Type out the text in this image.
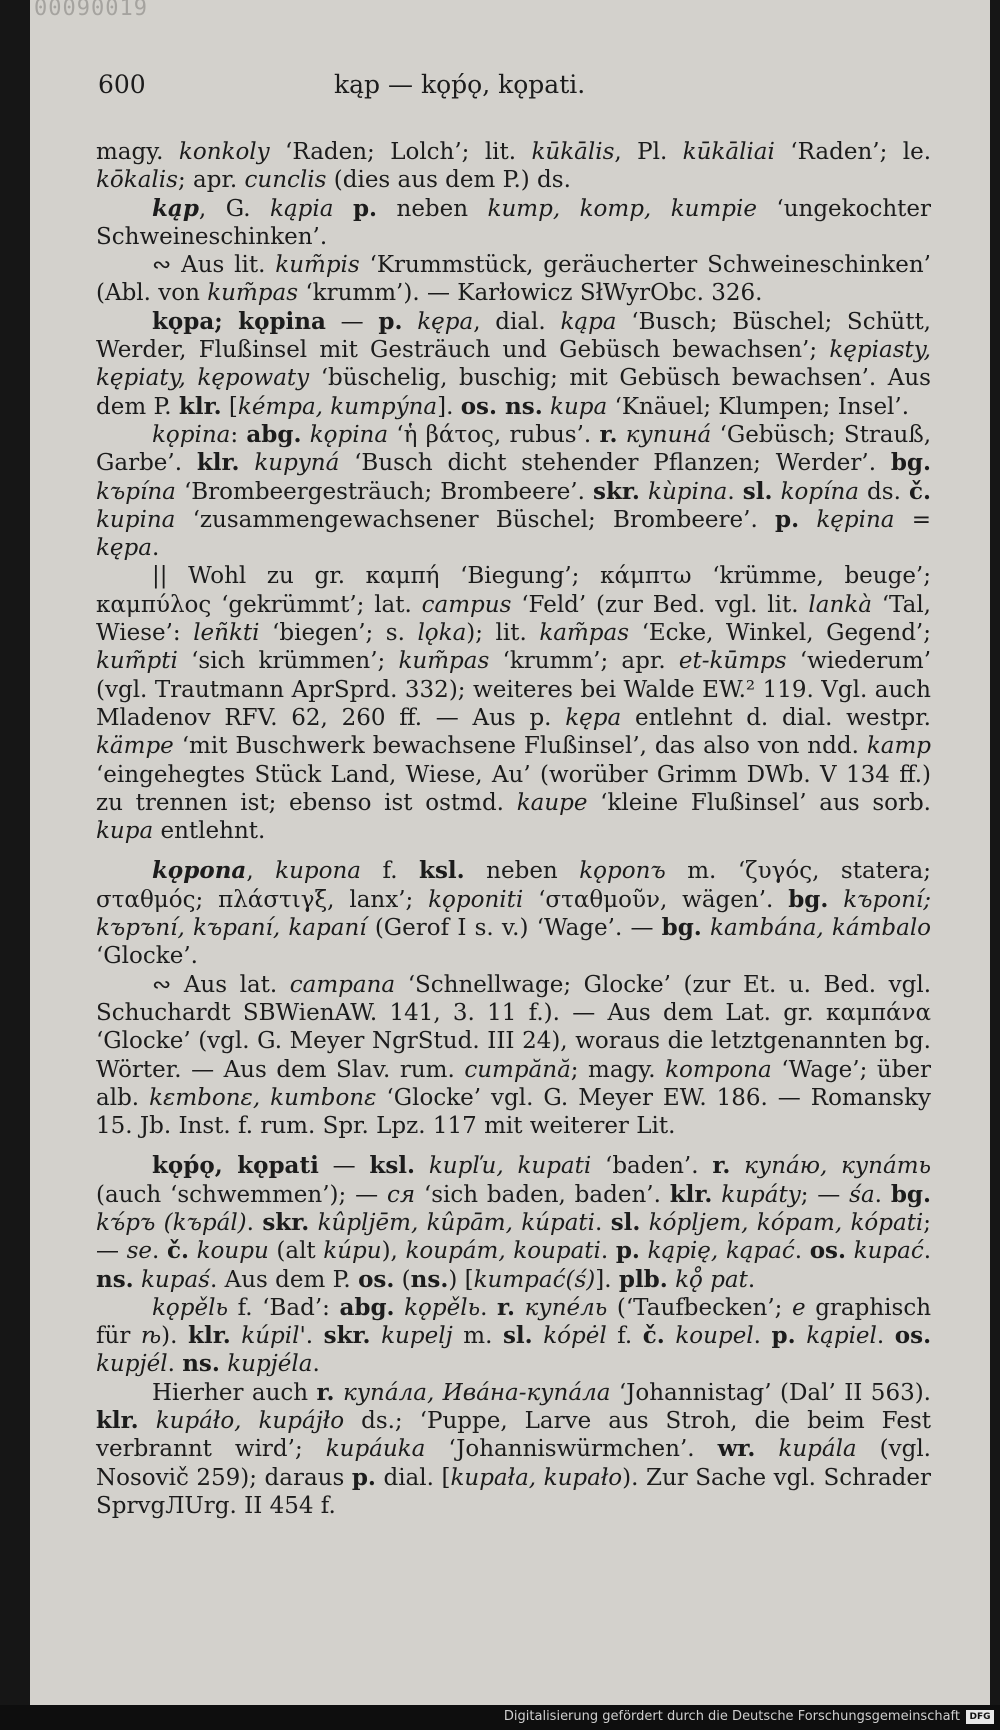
00090019
600	kąp — kǫṕǫ, kǫpati.

magy. konkoly ‘Raden; Lolch’; lit. kūkālis, Pl. kūkāliai ‘Raden’; le. kōkalis; apr. cunclis (dies aus dem P.) ds.

kąp, G. kąpia p. neben kump, komp, kumpie ‘ungekochter Schweineschinken’.

∾ Aus lit. kum̃pis ‘Krummstück, geräucherter Schweineschinken’ (Abl. von kum̃pas ‘krumm’). — Karłowicz SłWyrObc. 326.

kǫpa; kǫpina — p. kępa, dial. kąpa ‘Busch; Büschel; Schütt, Werder, Flußinsel mit Gesträuch und Gebüsch bewachsen’; kępiasty, kępiaty, kępowaty ‘büschelig, buschig; mit Gebüsch bewachsen’. Aus dem P. klr. [kémpa, kumpýna]. os. ns. kupa ‘Knäuel; Klumpen; Insel’.

kǫpina: abg. kǫpina ‘ἡ βάτος, rubus’. r. купина́ ‘Gebüsch; Strauß, Garbe’. klr. kupyná ‘Busch dicht stehender Pflanzen; Werder’. bg. kъpína ‘Brombeergesträuch; Brombeere’. skr. kùpina. sl. kopína ds. č. kupina ‘zusammengewachsener Büschel; Brombeere’. p. kępina = kępa.

|| Wohl zu gr. καμπή ‘Biegung’; κάμπτω ‘krümme, beuge’; καμπύλος ‘gekrümmt’; lat. campus ‘Feld’ (zur Bed. vgl. lit. lankà ‘Tal, Wiese’: leñkti ‘biegen’; s. lǫka); lit. kam̃pas ‘Ecke, Winkel, Gegend’; kum̃pti ‘sich krümmen’; kum̃pas ‘krumm’; apr. et-kūmps ‘wiederum’ (vgl. Trautmann AprSprd. 332); weiteres bei Walde EW.² 119. Vgl. auch Mladenov RFV. 62, 260 ff. — Aus p. kępa entlehnt d. dial. westpr. kämpe ‘mit Buschwerk bewachsene Flußinsel’, das also von ndd. kamp ‘eingehegtes Stück Land, Wiese, Au’ (worüber Grimm DWb. V 134 ff.) zu trennen ist; ebenso ist ostmd. kaupe ‘kleine Flußinsel’ aus sorb. kupa entlehnt.

kǫpona, kupona f. ksl. neben kǫponъ m. ‘ζυγός, statera; σταθμός; πλάστιγξ, lanx’; kǫponiti ‘σταθμοῦν, wägen’. bg. kъponí; kъpъní, kъpaní, kapaní (Gerof I s. v.) ‘Wage’. — bg. kambána, kámbalo ‘Glocke’.

∾ Aus lat. campana ‘Schnellwage; Glocke’ (zur Et. u. Bed. vgl. Schuchardt SBWienAW. 141, 3. 11 f.). — Aus dem Lat. gr. καμπάνα ‘Glocke’ (vgl. G. Meyer NgrStud. III 24), woraus die letztgenannten bg. Wörter. — Aus dem Slav. rum. cumpănă; magy. kompona ‘Wage’; über alb. kεmbonε, kumbonε ‘Glocke’ vgl. G. Meyer EW. 186. — Romansky 15. Jb. Inst. f. rum. Spr. Lpz. 117 mit weiterer Lit.

kǫṕǫ, kǫpati — ksl. kupľu, kupati ‘baden’. r. купа́ю, купа́ть (auch ‘schwemmen’); — ся ‘sich baden, baden’. klr. kupáty; — śa. bg. kъ́pъ (kъpál). skr. kûpljēm, kûpām, kúpati. sl. kópljem, kópam, kópati; — se. č. koupu (alt kúpu), koupám, koupati. p. kąpię, kąpać. os. kupać. ns. kupaś. Aus dem P. os. (ns.) [kumpać(ś)]. plb. kǫ̊ pat.

kǫpělь f. ‘Bad’: abg. kǫpělь. r. купе́ль (‘Taufbecken’; e graphisch für ѣ). klr. kúpil'. skr. kupelj m. sl. kópėl f. č. koupel. p. kąpiel. os. kupjél. ns. kupjéla.

Hierher auch r. купа́ла, Ива́на-купа́ла ‘Johannistag’ (Dal’ II 563). klr. kupáło, kupájło ds.; ‘Puppe, Larve aus Stroh, die beim Fest verbrannt wird’; kupáuka ‘Johanniswürmchen’. wr. kupála (vgl. Nosovič 259); daraus p. dial. [kupała, kupało). Zur Sache vgl. Schrader SprvgЛUrg. II 454 f.

Digitalisierung gefördert durch die Deutsche Forschungsgemeinschaft	DFG
